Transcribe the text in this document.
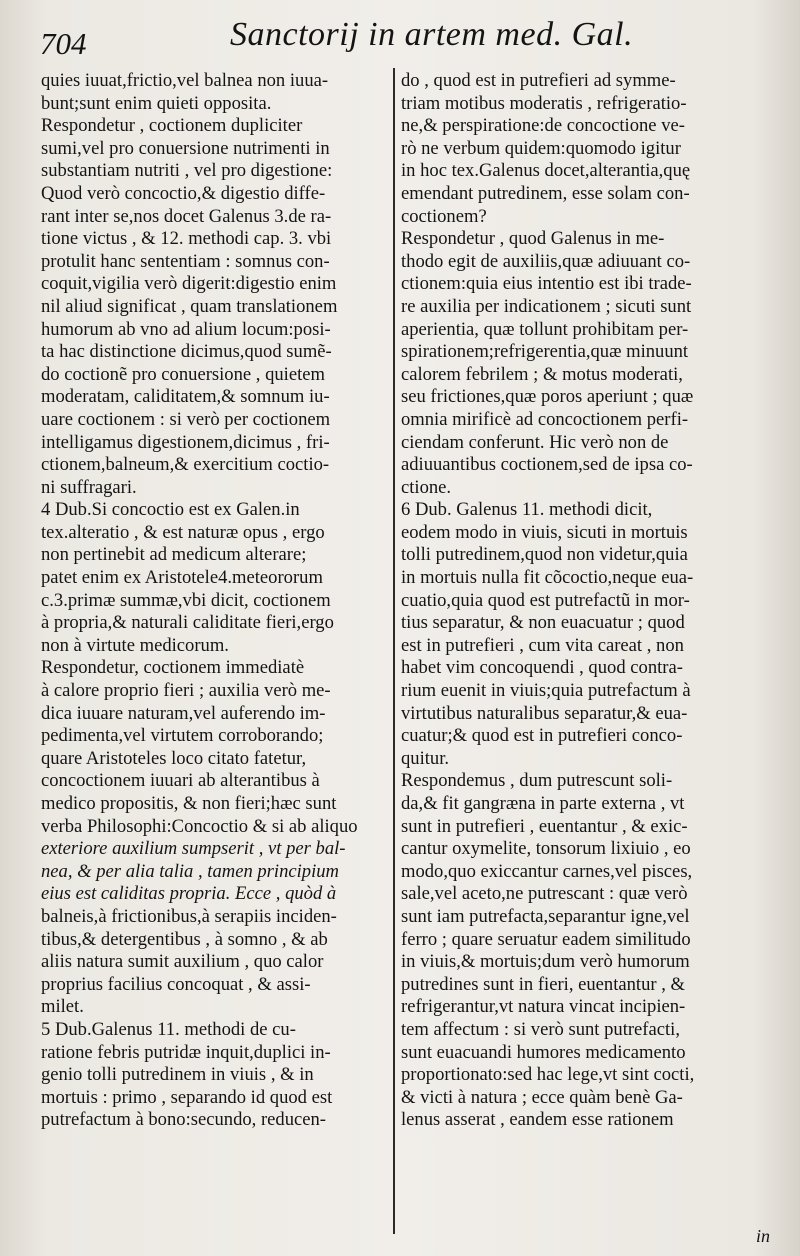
704	Sanctorij in artem med. Gal.
quies iuuat,frictio,vel balnea non iuua-
bunt;sunt enim quieti opposita.
Respondetur , coctionem dupliciter
sumi,vel pro conuersione nutrimenti in
substantiam nutriti , vel pro digestione:
Quod verò concoctio,& digestio diffe-
rant inter se,nos docet Galenus 3.de ra-
tione victus , & 12. methodi cap. 3. vbi
protulit hanc sententiam : somnus con-
coquit,vigilia verò digerit:digestio enim
nil aliud significat , quam translationem
humorum ab vno ad alium locum:posi-
ta hac distinctione dicimus,quod sumẽ-
do coctionẽ pro conuersione , quietem
moderatam, caliditatem,& somnum iu-
uare coctionem : si verò per coctionem
intelligamus digestionem,dicimus , fri-
ctionem,balneum,& exercitium coctio-
ni suffragari.
4 Dub.Si concoctio est ex Galen.in
tex.alteratio , & est naturæ opus , ergo
non pertinebit ad medicum alterare;
patet enim ex Aristotele4.meteororum
c.3.primæ summæ,vbi dicit, coctionem
à propria,& naturali caliditate fieri,ergo
non à virtute medicorum.
Respondetur, coctionem immediatè
à calore proprio fieri ; auxilia verò me-
dica iuuare naturam,vel auferendo im-
pedimenta,vel virtutem corroborando;
quare Aristoteles loco citato fatetur,
concoctionem iuuari ab alterantibus à
medico propositis, & non fieri;hæc sunt
verba Philosophi:Concoctio & si ab aliquo
exteriore auxilium sumpserit , vt per bal-
nea, & per alia talia , tamen principium
eius est caliditas propria. Ecce , quòd à
balneis,à frictionibus,à serapiis inciden-
tibus,& detergentibus , à somno , & ab
aliis natura sumit auxilium , quo calor
proprius facilius concoquat , & assi-
milet.
5 Dub.Galenus 11. methodi de cu-
ratione febris putridæ inquit,duplici in-
genio tolli putredinem in viuis , & in
mortuis : primo , separando id quod est
putrefactum à bono:secundo, reducen-
do , quod est in putrefieri ad symme-
triam motibus moderatis , refrigeratio-
ne,& perspiratione:de concoctione ve-
rò ne verbum quidem:quomodo igitur
in hoc tex.Galenus docet,alterantia,quę
emendant putredinem, esse solam con-
coctionem?
Respondetur , quod Galenus in me-
thodo egit de auxiliis,quæ adiuuant co-
ctionem:quia eius intentio est ibi trade-
re auxilia per indicationem ; sicuti sunt
aperientia, quæ tollunt prohibitam per-
spirationem;refrigerentia,quæ minuunt
calorem febrilem ; & motus moderati,
seu frictiones,quæ poros aperiunt ; quæ
omnia mirificè ad concoctionem perfi-
ciendam conferunt. Hic verò non de
adiuuantibus coctionem,sed de ipsa co-
ctione.
6 Dub. Galenus 11. methodi dicit,
eodem modo in viuis, sicuti in mortuis
tolli putredinem,quod non videtur,quia
in mortuis nulla fit cõcoctio,neque eua-
cuatio,quia quod est putrefactũ in mor-
tius separatur, & non euacuatur ; quod
est in putrefieri , cum vita careat , non
habet vim concoquendi , quod contra-
rium euenit in viuis;quia putrefactum à
virtutibus naturalibus separatur,& eua-
cuatur;& quod est in putrefieri conco-
quitur.
Respondemus , dum putrescunt soli-
da,& fit gangræna in parte externa , vt
sunt in putrefieri , euentantur , & exic-
cantur oxymelite, tonsorum lixiuio , eo
modo,quo exiccantur carnes,vel pisces,
sale,vel aceto,ne putrescant : quæ verò
sunt iam putrefacta,separantur igne,vel
ferro ; quare seruatur eadem similitudo
in viuis,& mortuis;dum verò humorum
putredines sunt in fieri, euentantur , &
refrigerantur,vt natura vincat incipien-
tem affectum : si verò sunt putrefacti,
sunt euacuandi humores medicamento
proportionato:sed hac lege,vt sint cocti,
& victi à natura ; ecce quàm benè Ga-
lenus asserat , eandem esse rationem
in
